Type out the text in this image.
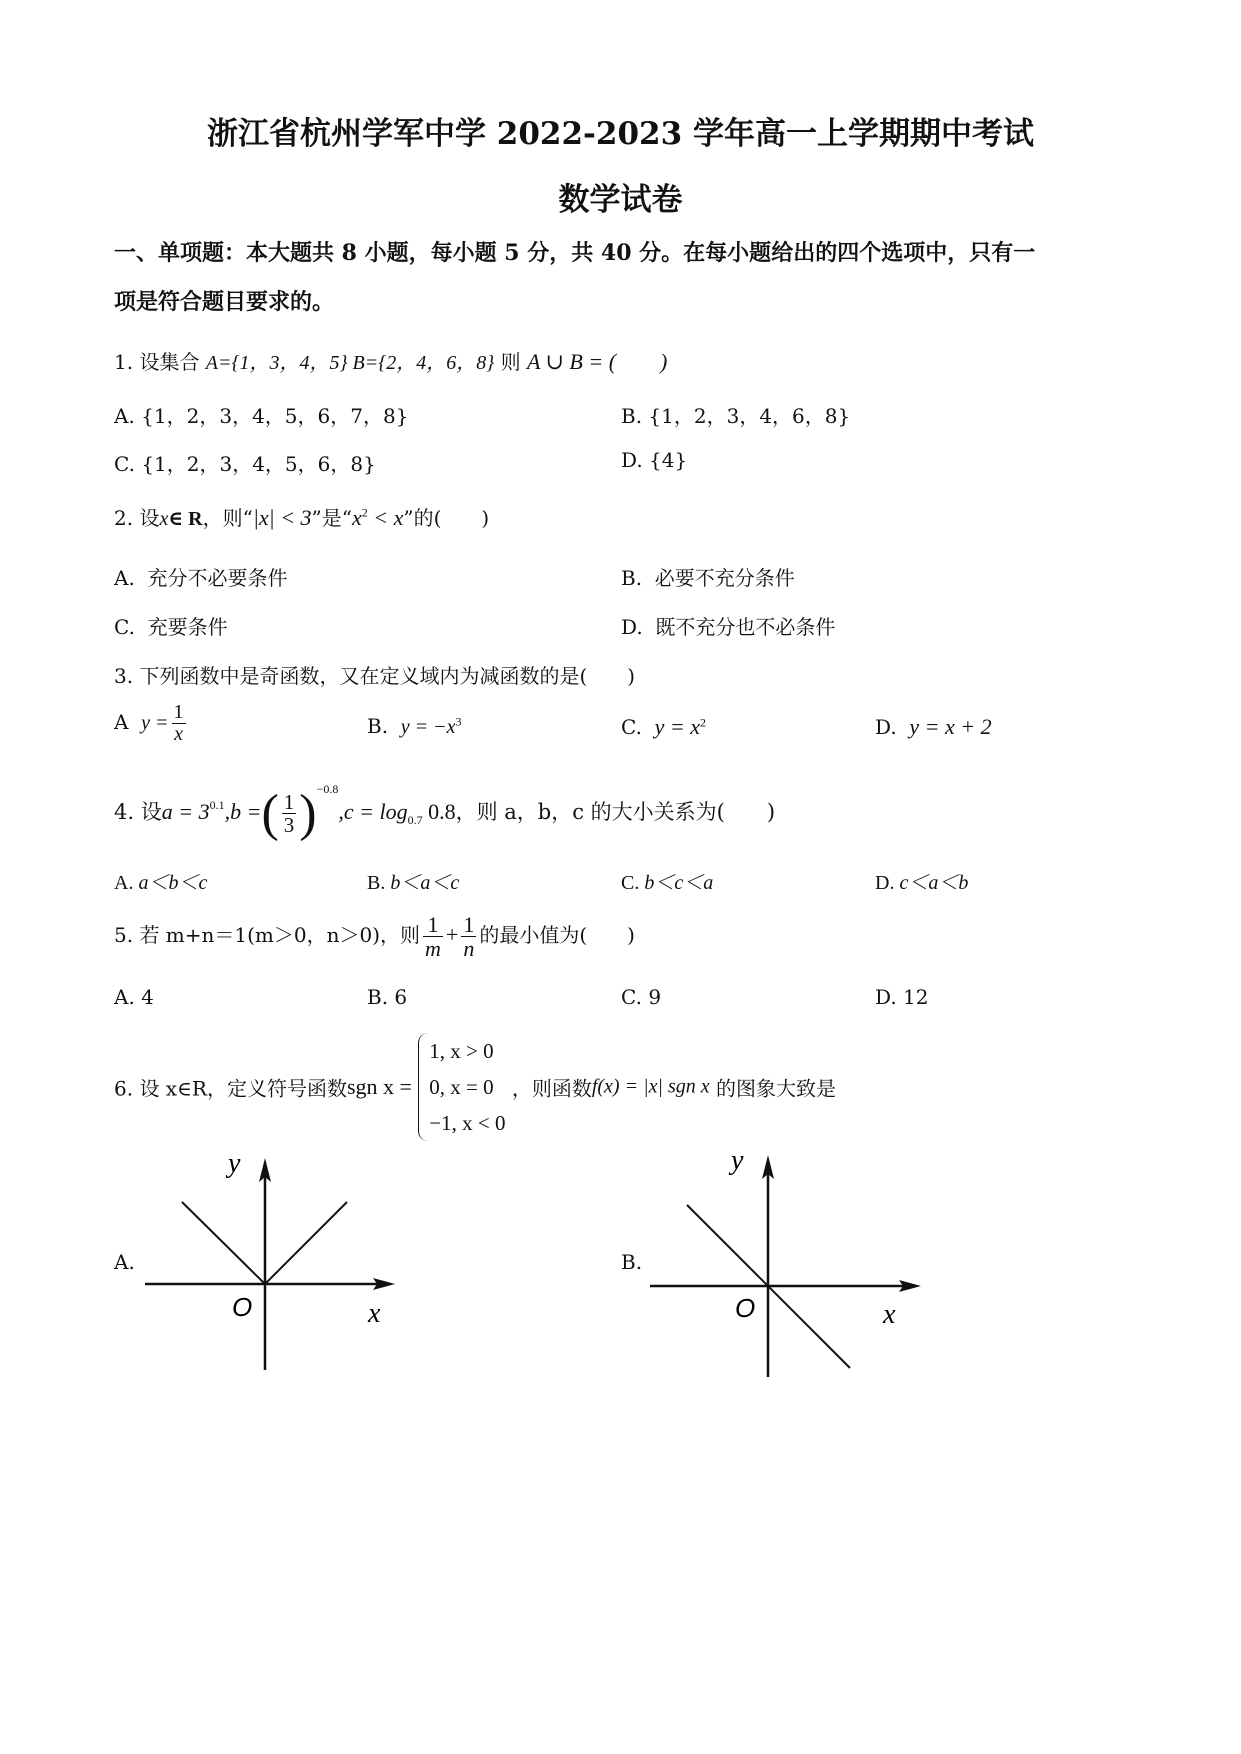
浙江省杭州学军中学 2022-2023 学年高一上学期期中考试
数学试卷
一、单项题：本大题共 8 小题，每小题 5 分，共 40 分。在每小题给出的四个选项中，只有一
项是符合题目要求的。
1. 设集合 A={1，3，4，5} B={2，4，6，8} 则 A ∪ B = (　　)
A. {1，2，3，4，5，6，7，8}	B. {1，2，3，4，6，8}
C. {1，2，3，4，5，6，8}	D. {4}
2. 设x∈ R，则“|x| < 3”是“$x^2 < x$”的(　　)
A. 充分不必要条件	B. 必要不充分条件
C. 充要条件	D. 既不充分也不必条件
3. 下列函数中是奇函数，又在定义域内为减函数的是(　　)
A $y = \frac{1}{x}$	B. $y = -x^3$	C. $y = x^2$	D. y = x + 2
4. 设$a = 3^{0.1},b$ =( $\frac{1}{3} )^{-0.8},c = \log_{0.7} 0.8$，则 a，b，c 的大小关系为(　　)
A. a＜b＜c	B. b＜a＜c	C. b＜c＜a	D. c＜a＜b
5. 若 m+n＝1(m＞0，n＞0)，则 $\frac{1}{m} + \frac{1}{n}$ 的最小值为(　　)
A. 4	B. 6	C. 9	D. 12
6. 设 x∈R，定义符号函数sgn x =
1, x > 0
0, x = 0
−1, x < 0
，则函数f(x) = |x| sgn x 的图象大致是
A.
y
x
O
B.
y
x
O
